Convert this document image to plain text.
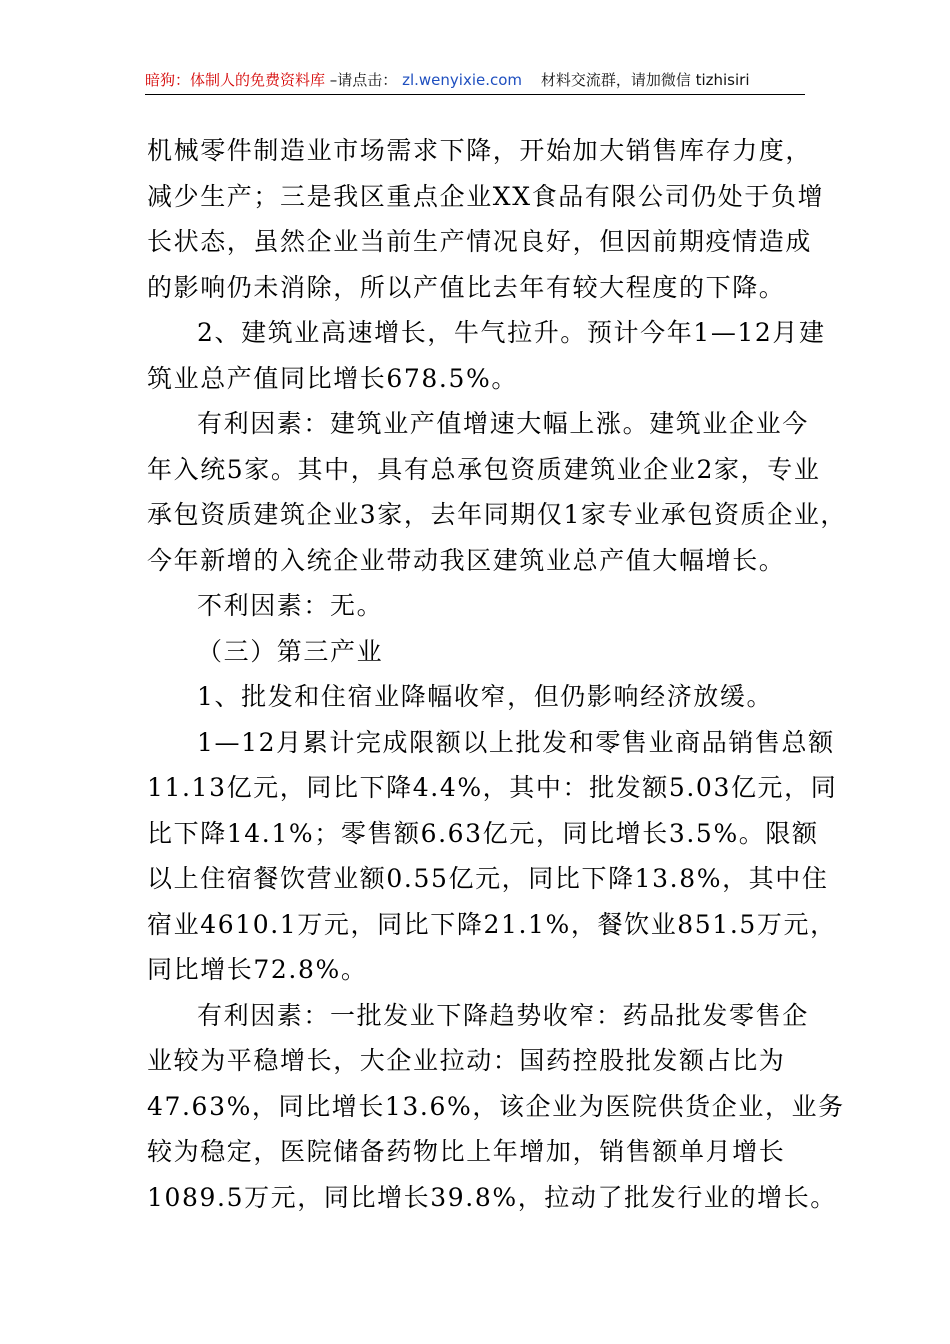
暗狗：体制人的免费资料库 –请点击： zl.wenyixie.com 材料交流群，请加微信 tizhisiri
机械零件制造业市场需求下降，开始加大销售库存力度，
减少生产；三是我区重点企业XX食品有限公司仍处于负增
长状态，虽然企业当前生产情况良好，但因前期疫情造成
的影响仍未消除，所以产值比去年有较大程度的下降。
2、建筑业高速增长，牛气拉升。预计今年1—12月建
筑业总产值同比增长678.5%。
有利因素：建筑业产值增速大幅上涨。建筑业企业今
年入统5家。其中，具有总承包资质建筑业企业2家，专业
承包资质建筑企业3家，去年同期仅1家专业承包资质企业，
今年新增的入统企业带动我区建筑业总产值大幅增长。
不利因素：无。
（三）第三产业
1、批发和住宿业降幅收窄，但仍影响经济放缓。
1—12月累计完成限额以上批发和零售业商品销售总额
11.13亿元，同比下降4.4%，其中：批发额5.03亿元，同
比下降14.1%；零售额6.63亿元，同比增长3.5%。限额
以上住宿餐饮营业额0.55亿元，同比下降13.8%，其中住
宿业4610.1万元，同比下降21.1%，餐饮业851.5万元，
同比增长72.8%。
有利因素：一批发业下降趋势收窄：药品批发零售企
业较为平稳增长，大企业拉动：国药控股批发额占比为
47.63%，同比增长13.6%，该企业为医院供货企业，业务
较为稳定，医院储备药物比上年增加，销售额单月增长
1089.5万元，同比增长39.8%，拉动了批发行业的增长。
